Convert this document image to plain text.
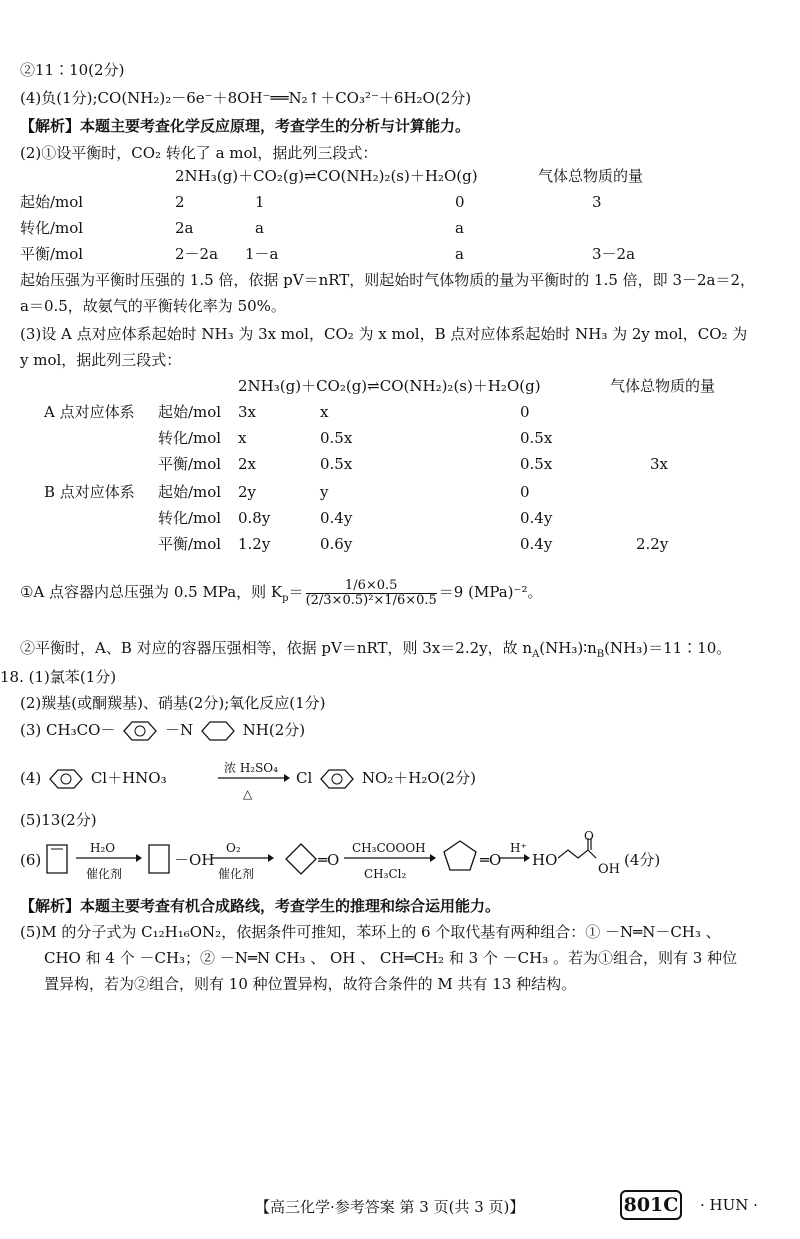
②11∶10(2分)
(4)负(1分);CO(NH₂)₂－6e⁻＋8OH⁻══N₂↑＋CO₃²⁻＋6H₂O(2分)
【解析】本题主要考查化学反应原理，考查学生的分析与计算能力。
(2)①设平衡时，CO₂ 转化了 a mol，据此列三段式：
2NH₃(g)＋CO₂(g)⇌CO(NH₂)₂(s)＋H₂O(g)	气体总物质的量
起始/mol	2	1	0	3
转化/mol	2a	a	a
平衡/mol	2－2a 1－a	a	3－2a
起始压强为平衡时压强的 1.5 倍，依据 pV＝nRT，则起始时气体物质的量为平衡时的 1.5 倍，即 3－2a＝2，
a＝0.5，故氨气的平衡转化率为 50%。
(3)设 A 点对应体系起始时 NH₃ 为 3x mol，CO₂ 为 x mol，B 点对应体系起始时 NH₃ 为 2y mol，CO₂ 为
y mol，据此列三段式：
2NH₃(g)＋CO₂(g)⇌CO(NH₂)₂(s)＋H₂O(g)	气体总物质的量
A 点对应体系 起始/mol 3x	x	0
转化/mol x	0.5x	0.5x
平衡/mol 2x	0.5x	0.5x	3x
B 点对应体系 起始/mol 2y	y	0
转化/mol 0.8y	0.4y	0.4y
平衡/mol 1.2y	0.6y	0.4y	2.2y
①A 点容器内总压强为 0.5 MPa，则 $K_p= \frac{1/6\times 0.5}{\text{(2/3×0.5)²×1/6×0.5}} =9$ (MPa)⁻²。
②平衡时，A、B 对应的容器压强相等，依据 pV＝nRT，则 3x＝2.2y，故 $n_A(NH_3)∶n_B(NH_3)=11∶10$。
18. (1)氯苯(1分)
(2)羰基(或酮羰基)、硝基(2分);氧化反应(1分)
(3) CH₃CO－	－N	NH(2分)
(4)	Cl＋HNO₃
浓 H₂SO₄
△
Cl	NO₂＋H₂O(2分)
(5)13(2分)
(6)
H₂O
催化剂
－OH
O₂
催化剂
═O
CH₃COOOH
CH₃Cl₂
═O
H⁺
→ HO
O
OH
(4分)
【解析】本题主要考查有机合成路线，考查学生的推理和综合运用能力。
(5)M 的分子式为 C₁₂H₁₆ON₂，依据条件可推知，苯环上的 6 个取代基有两种组合：① －N═N－CH₃ 、
CHO 和 4 个 －CH₃；② －N═N CH₃ 、 OH 、 CH═CH₂ 和 3 个 －CH₃ 。若为①组合，则有 3 种位
置异构，若为②组合，则有 10 种位置异构，故符合条件的 M 共有 13 种结构。
【高三化学·参考答案 第 3 页(共 3 页)】	801C · HUN ·
